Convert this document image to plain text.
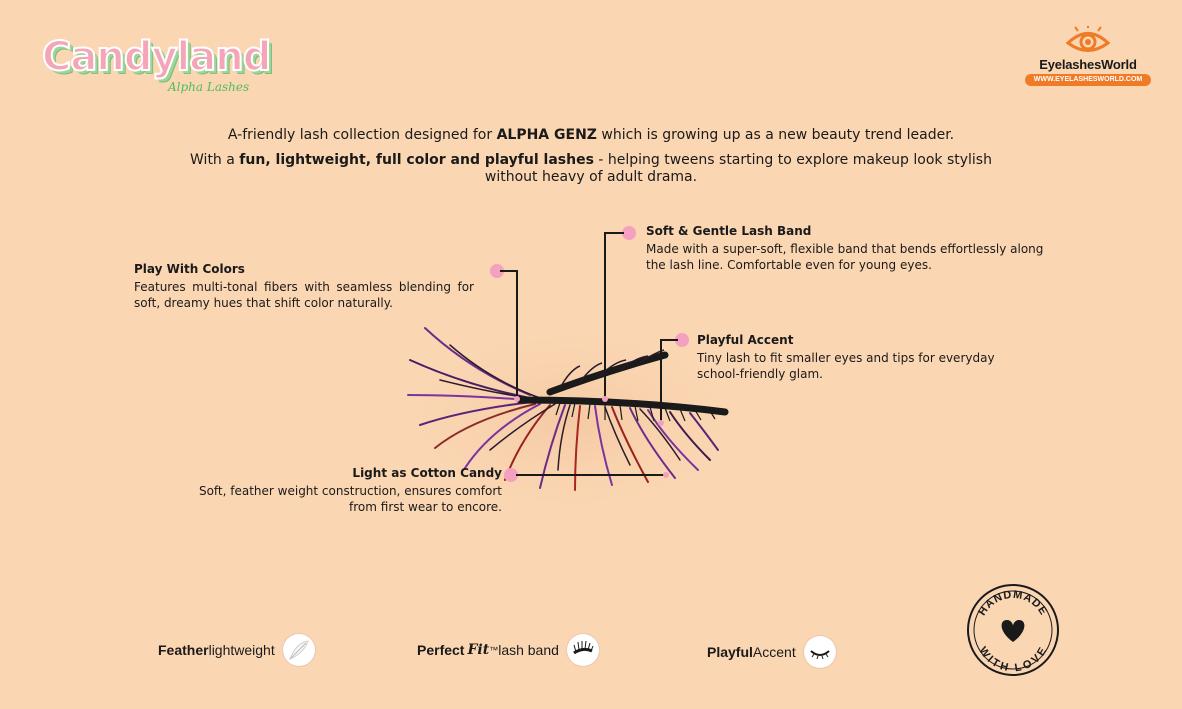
Candyland
Alpha Lashes
EyelashesWorld
WWW.EYELASHESWORLD.COM
A-friendly lash collection designed for ALPHA GENZ which is growing up as a new beauty trend leader.
With a fun, lightweight, full color and playful lashes - helping tweens starting to explore makeup look stylish
without heavy of adult drama.
Play With Colors
Features multi-tonal fibers with seamless blending for soft, dreamy hues that shift color naturally.
Soft & Gentle Lash Band
Made with a super-soft, flexible band that bends effortlessly along the lash line. Comfortable even for young eyes.
Playful Accent
Tiny lash to fit smaller eyes and tips for everyday school-friendly glam.
Light as Cotton Candy
Soft, feather weight construction, ensures comfort from first wear to encore.
Feather lightweight	Perfect Fit ™ lash band	Playful Accent
HANDMADE
WITH LOVE
